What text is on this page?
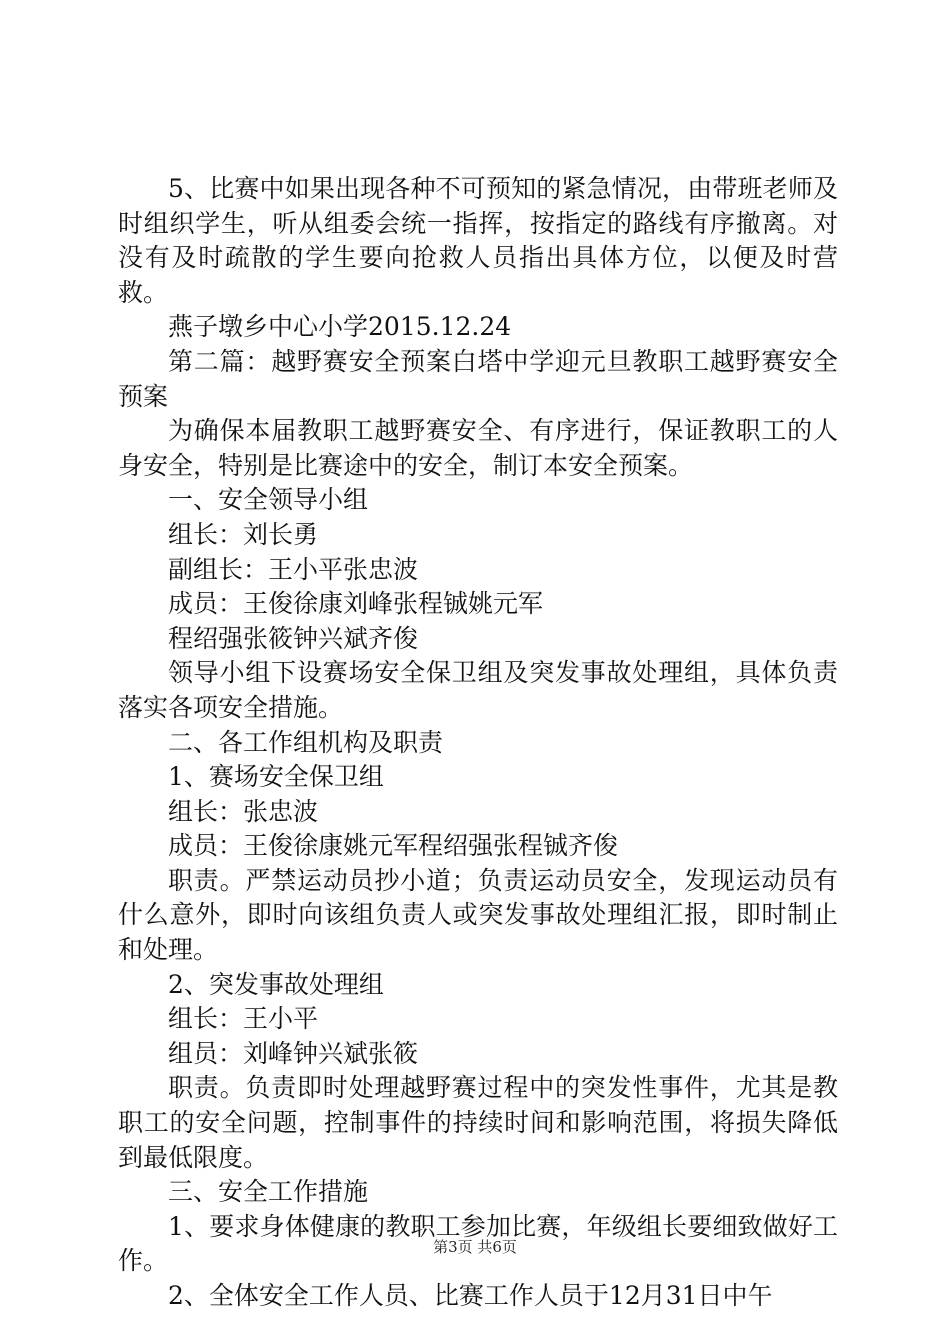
5、比赛中如果出现各种不可预知的紧急情况，由带班老师及时组织学生，听从组委会统一指挥，按指定的路线有序撤离。对没有及时疏散的学生要向抢救人员指出具体方位，以便及时营救。

燕子墩乡中心小学2015.12.24

第二篇：越野赛安全预案白塔中学迎元旦教职工越野赛安全预案

为确保本届教职工越野赛安全、有序进行，保证教职工的人身安全，特别是比赛途中的安全，制订本安全预案。

一、安全领导小组

组长：刘长勇

副组长：王小平张忠波

成员：王俊徐康刘峰张程铖姚元军

程绍强张筱钟兴斌齐俊

领导小组下设赛场安全保卫组及突发事故处理组，具体负责落实各项安全措施。

二、各工作组机构及职责

1、赛场安全保卫组

组长：张忠波

成员：王俊徐康姚元军程绍强张程铖齐俊

职责。严禁运动员抄小道；负责运动员安全，发现运动员有什么意外，即时向该组负责人或突发事故处理组汇报，即时制止和处理。

2、突发事故处理组

组长：王小平

组员：刘峰钟兴斌张筱

职责。负责即时处理越野赛过程中的突发性事件，尤其是教职工的安全问题，控制事件的持续时间和影响范围，将损失降低到最低限度。

三、安全工作措施

1、要求身体健康的教职工参加比赛，年级组长要细致做好工作。

2、全体安全工作人员、比赛工作人员于12月31日中午

第3页 共6页
